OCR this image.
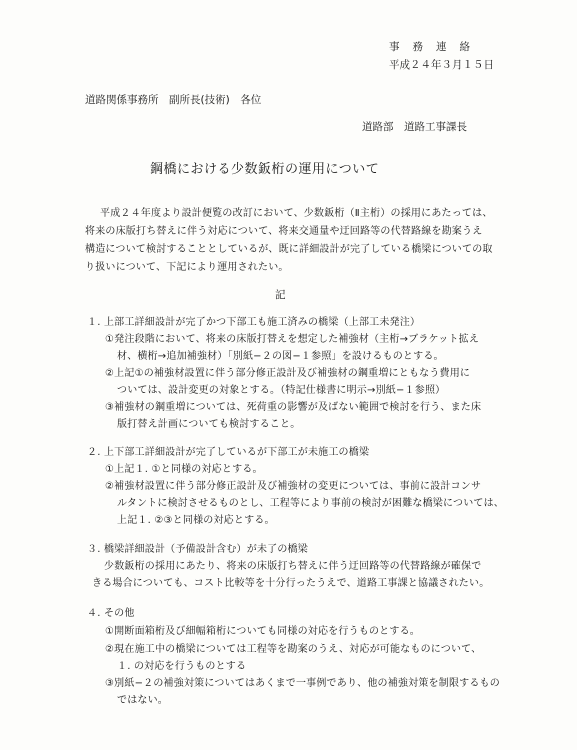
事務連絡
平成２４年３月１５日
道路関係事務所　副所長(技術)　各位
道路部　道路工事課長
鋼橋における少数鈑桁の運用について
平成２４年度より設計便覧の改訂において、少数鈑桁（Ⅱ主桁）の採用にあたっては、
将来の床版打ち替えに伴う対応について、将来交通量や迂回路等の代替路線を勘案うえ
構造について検討することとしているが、既に詳細設計が完了している橋梁についての取
り扱いについて、下記により運用されたい。
記
１. 上部工詳細設計が完了かつ下部工も施工済みの橋梁（上部工未発注）
①発注段階において、将来の床版打替えを想定した補強材（主桁→ブラケット拡え
材、横桁→追加補強材）「別紙−２の図−１参照」を設けるものとする。
②上記①の補強材設置に伴う部分修正設計及び補強材の鋼重増にともなう費用に
ついては、設計変更の対象とする。（特記仕様書に明示→別紙−１参照）
③補強材の鋼重増については、死荷重の影響が及ばない範囲で検討を行う、また床
版打替え計画についても検討すること。
２. 上下部工詳細設計が完了しているが下部工が未施工の橋梁
①上記１. ①と同様の対応とする。
②補強材設置に伴う部分修正設計及び補強材の変更については、事前に設計コンサ
ルタントに検討させるものとし、工程等により事前の検討が困難な橋梁については、
上記１. ②③と同様の対応とする。
３. 橋梁詳細設計（予備設計含む）が未了の橋梁
少数鈑桁の採用にあたり、将来の床版打ち替えに伴う迂回路等の代替路線が確保で
きる場合についても、コスト比較等を十分行ったうえで、道路工事課と協議されたい。
４. その他
①開断面箱桁及び細幅箱桁についても同様の対応を行うものとする。
②現在施工中の橋梁については工程等を勘案のうえ、対応が可能なものについて、
１. の対応を行うものとする
③別紙−２の補強対策についてはあくまで一事例であり、他の補強対策を制限するもの
ではない。
